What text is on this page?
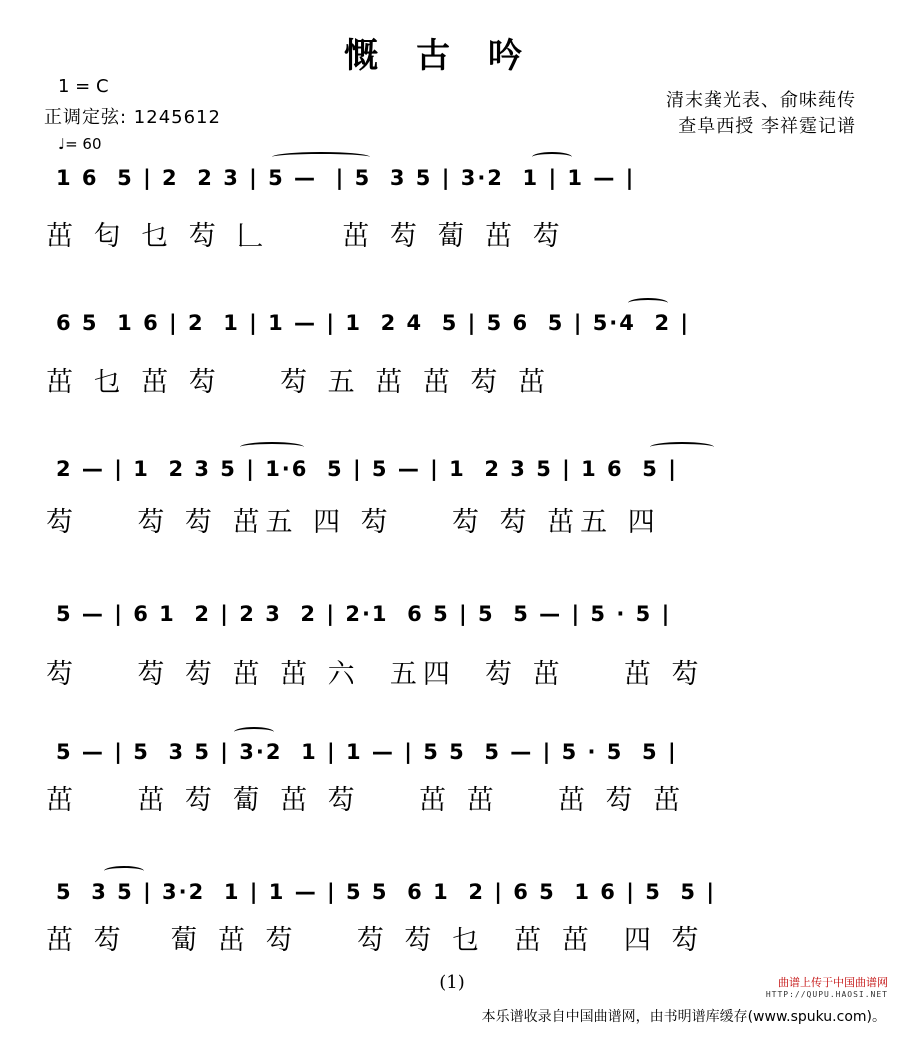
慨古吟
1 = C
正调定弦: 1245612
♩= 60
清末龚光表、俞味莼传
查阜西授 李祥霆记谱
1 6  5 | 2  2 3 | 5 —  | 5  3 5 | 3·2  1 | 1 — |
茁 匂 乜 芶 𠃊     茁 芶 蔔 茁 芶
6 5  1 6 | 2  1 | 1 — | 1  2 4  5 | 5 6  5 | 5·4  2 |
茁 乜 茁 芶    芶 五 茁 茁 芶 茁
2 — | 1  2 3 5 | 1·6  5 | 5 — | 1  2 3 5 | 1 6  5 |
芶    芶 芶 茁五 四 芶    芶 芶 茁五 四
5 — | 6 1  2 | 2 3  2 | 2·1  6 5 | 5  5 — | 5 · 5 |
芶    芶 芶 茁 茁 六  五四  芶 茁    茁 芶
5 — | 5  3 5 | 3·2  1 | 1 — | 5 5  5 — | 5 · 5  5 |
茁    茁 芶 蔔 茁 芶    茁 茁    茁 芶 茁
5  3 5 | 3·2  1 | 1 — | 5 5  6 1  2 | 6 5  1 6 | 5  5 |
茁 芶   蔔 茁 芶    芶 芶 乜  茁 茁  四 芶
(1)	曲谱上传于中国曲谱网
HTTP://QUPU.HAOSI.NET
本乐谱收录自中国曲谱网，由书明谱库缓存(www.spuku.com)。
